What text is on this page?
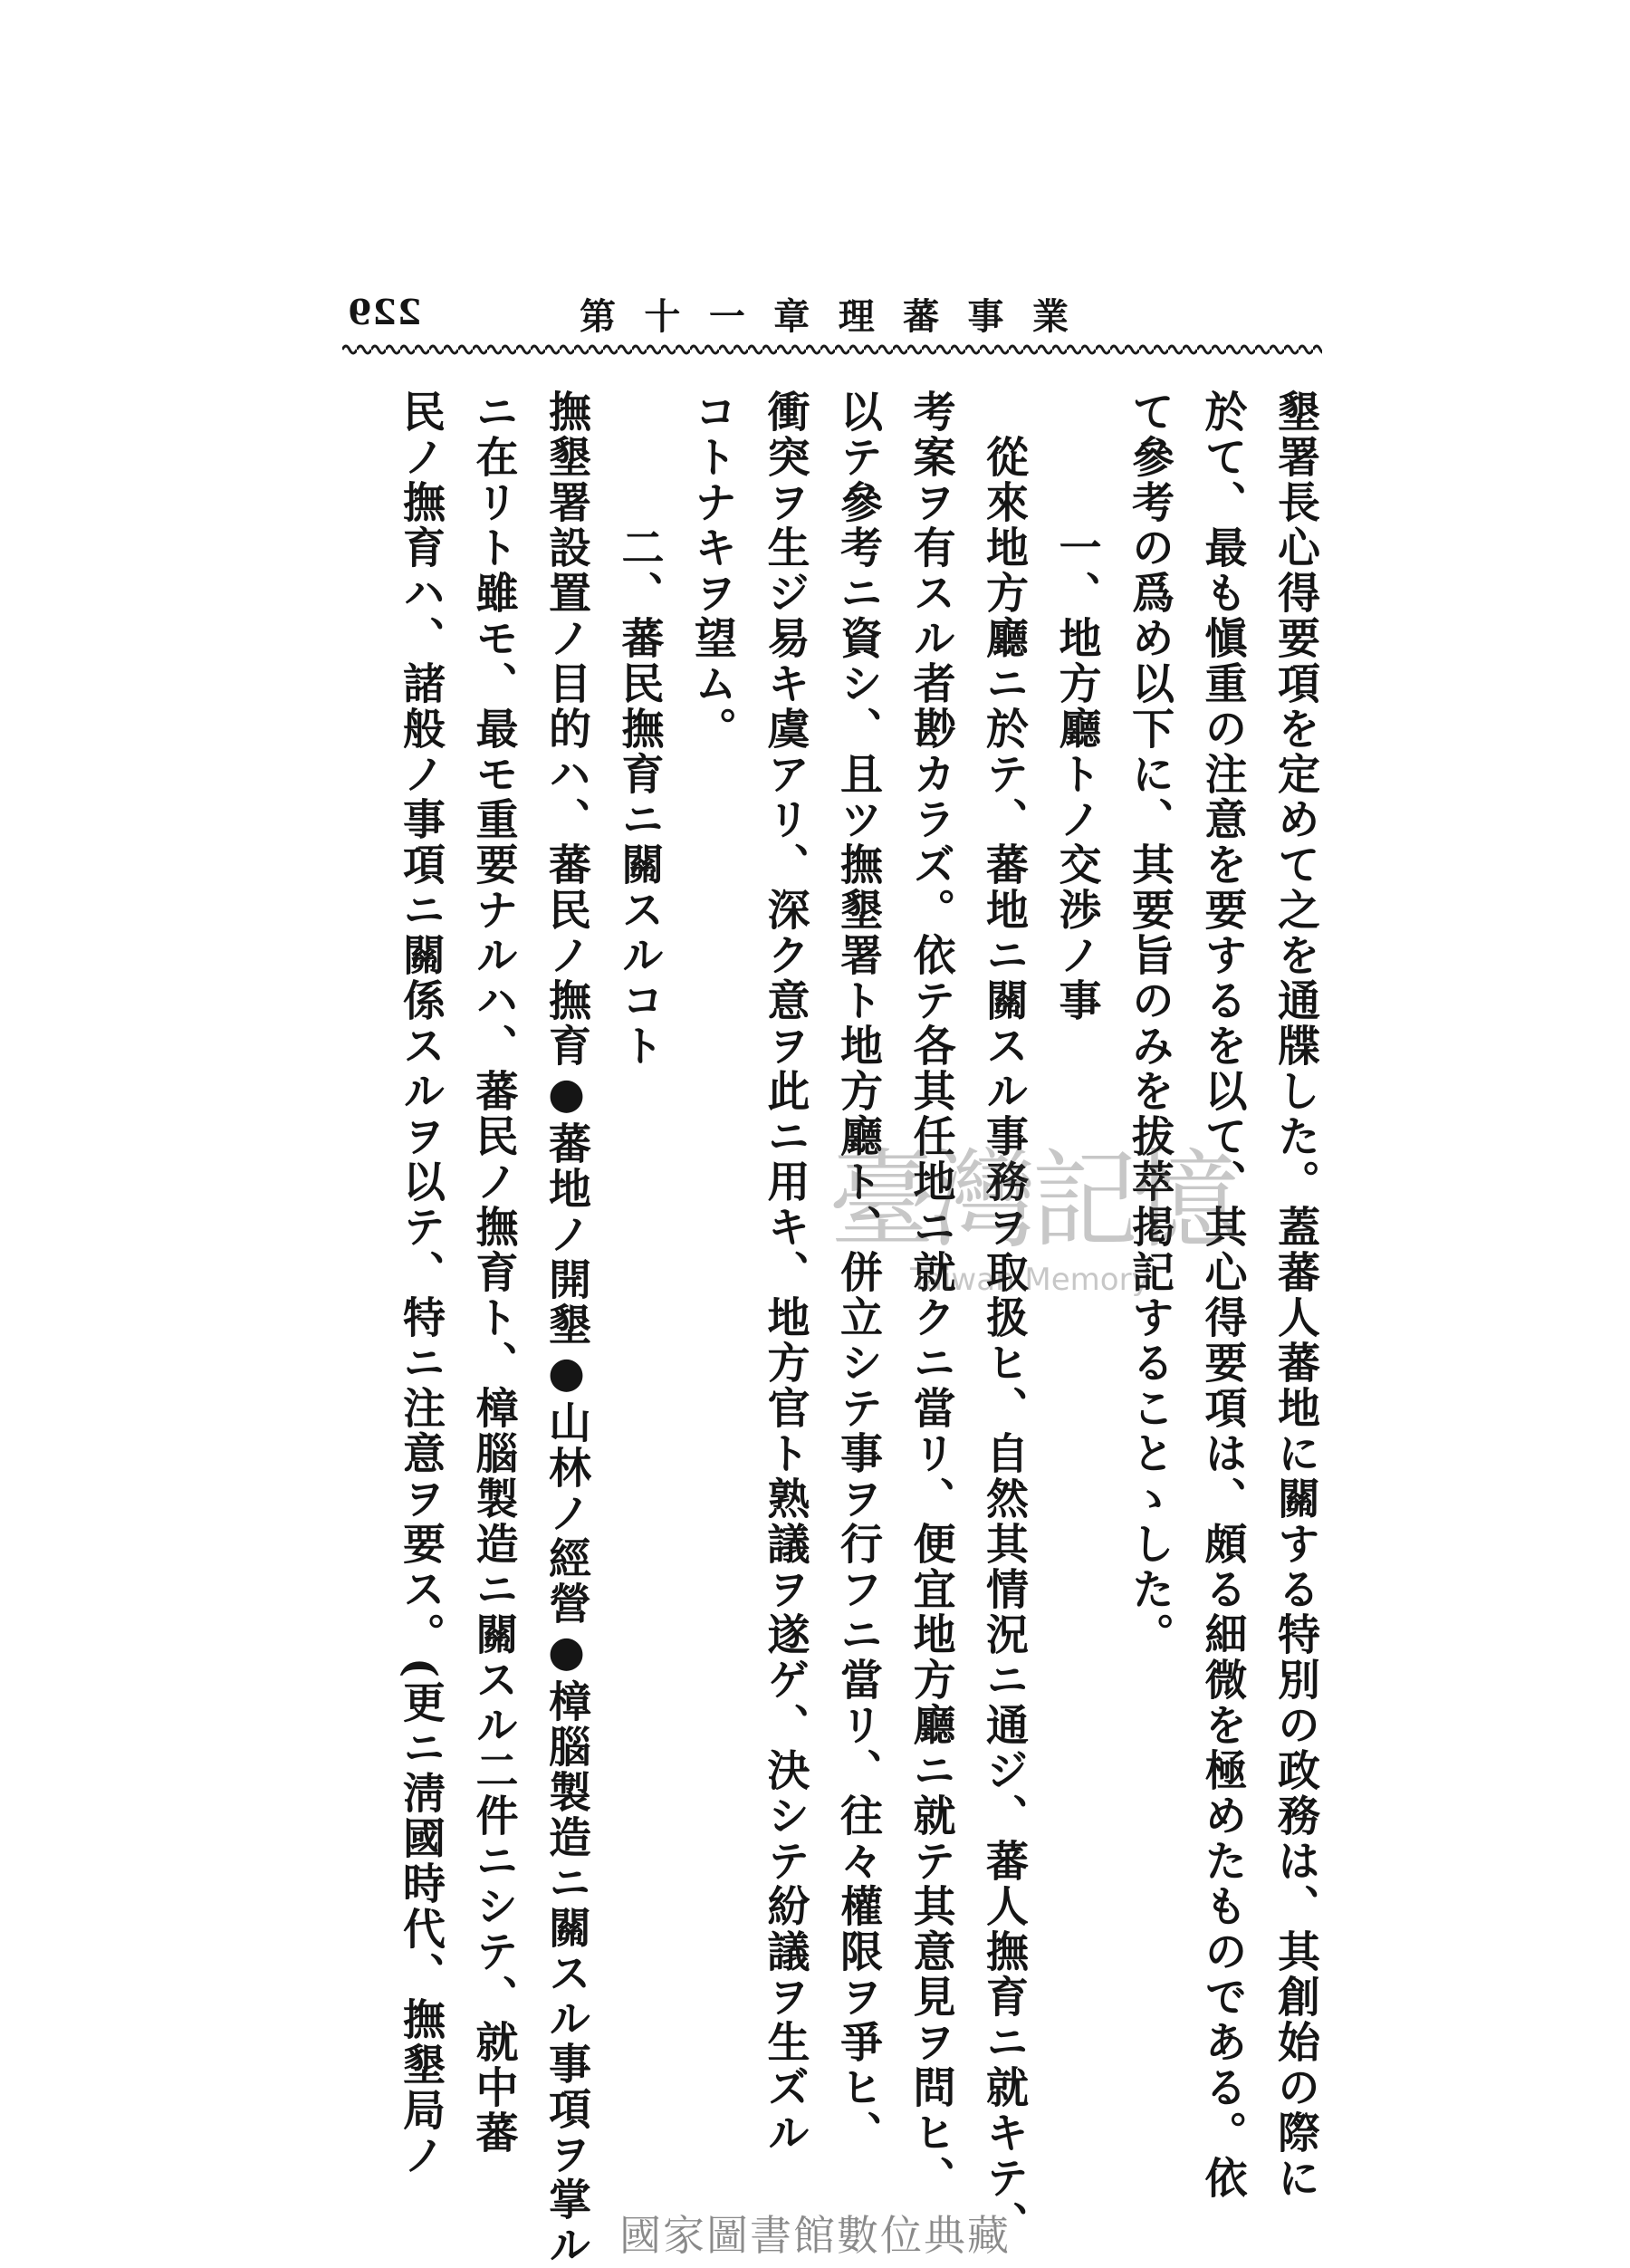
229	第 十 一 章 理 蕃 事 業

墾署長心得要項を定めて之を通牒した。蓋蕃人蕃地に關する特別の政務は、其創始の際に

於て、最も愼重の注意を要するを以て、其心得要項は、頗る細微を極めたものである。依

て參考の爲め以下に、其要旨のみを拔萃掲記することゝした。

一、地方廳トノ交渉ノ事

從來地方廳ニ於テ、蕃地ニ關スル事務ヲ取扱ヒ、自然其情況ニ通ジ、蕃人撫育ニ就キテ、

考案ヲ有スル者尠カラズ。依テ各其任地ニ就クニ當リ、便宜地方廳ニ就テ其意見ヲ問ヒ、

以テ參考ニ資シ、且ツ撫墾署ト地方廳ト、併立シテ事ヲ行フニ當リ、往々權限ヲ爭ヒ、

衝突ヲ生ジ易キ虞アリ、深ク意ヲ此ニ用キ、地方官ト熟議ヲ遂ゲ、決シテ紛議ヲ生ズル

コトナキヲ望ム。

二、蕃民撫育ニ關スルコト

撫墾署設置ノ目的ハ、蕃民ノ撫育●蕃地ノ開墾●山林ノ經營●樟腦製造ニ關スル事項ヲ掌ル

ニ在リト雖モ、最モ重要ナルハ、蕃民ノ撫育ト、樟腦製造ニ關スル二件ニシテ、就中蕃

民ノ撫育ハ、諸般ノ事項ニ關係スルヲ以テ、特ニ注意ヲ要ス。(更ニ淸國時代、撫墾局ノ	臺灣記憶
Taiwan Memory
國家圖書館數位典藏
